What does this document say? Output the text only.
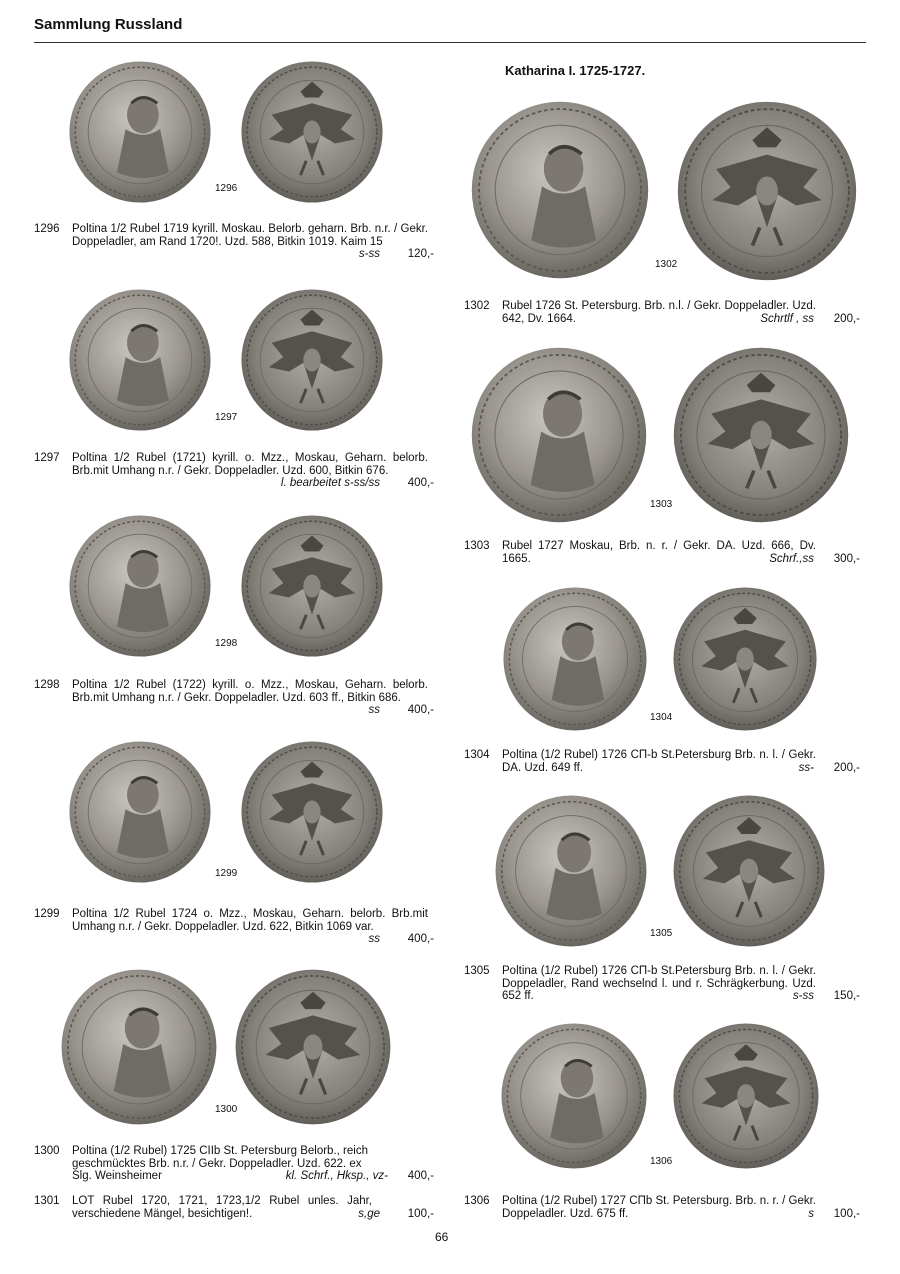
Sammlung Russland
Katharina I. 1725-1727.
1296
1296 Poltina 1/2 Rubel 1719 kyrill. Moskau. Belorb. geharn. Brb. n.r. / Gekr. Doppeladler, am Rand 1720!. Uzd. 588, Bitkin 1019. Kaim 15
s-ss 120,-
1297
1297 Poltina 1/2 Rubel (1721) kyrill. o. Mzz., Moskau, Geharn. belorb. Brb.mit Umhang n.r. / Gekr. Doppeladler. Uzd. 600, Bitkin 676.
l. bearbeitet s-ss/ss 400,-
1298
1298 Poltina 1/2 Rubel (1722) kyrill. o. Mzz., Moskau, Geharn. belorb. Brb.mit Umhang n.r. / Gekr. Doppeladler. Uzd. 603 ff., Bitkin 686.
ss 400,-
1299
1299 Poltina 1/2 Rubel 1724 o. Mzz., Moskau, Geharn. belorb. Brb.mit Umhang n.r. / Gekr. Doppeladler. Uzd. 622, Bitkin 1069 var.
ss 400,-
1300
1300 Poltina (1/2 Rubel) 1725 CIIb St. Petersburg Belorb., reich geschmücktes Brb. n.r. / Gekr. Doppeladler. Uzd. 622. ex Slg. Weinsheimer	kl. Schrf., Hksp., vz- 400,-
1301 LOT Rubel 1720, 1721, 1723,1/2 Rubel unles. Jahr, verschiedene Mängel, besichtigen!.	s,ge 100,-
1302
1302 Rubel 1726 St. Petersburg. Brb. n.l. / Gekr. Doppeladler. Uzd. 642, Dv. 1664.	Schrtlf , ss 200,-
1303
1303 Rubel 1727 Moskau, Brb. n. r. / Gekr. DA. Uzd. 666, Dv. 1665.	Schrf.,ss 300,-
1304
1304 Poltina (1/2 Rubel) 1726 CП-b St.Petersburg Brb. n. l. / Gekr. DA. Uzd. 649 ff.	ss- 200,-
1305
1305 Poltina (1/2 Rubel) 1726 CП-b St.Petersburg Brb. n. l. / Gekr. Doppeladler, Rand wechselnd l. und r. Schrägkerbung. Uzd. 652 ff.	s-ss 150,-
1306
1306 Poltina (1/2 Rubel) 1727 CПb St. Petersburg. Brb. n. r. / Gekr. Doppeladler. Uzd. 675 ff.	s 100,-
66
